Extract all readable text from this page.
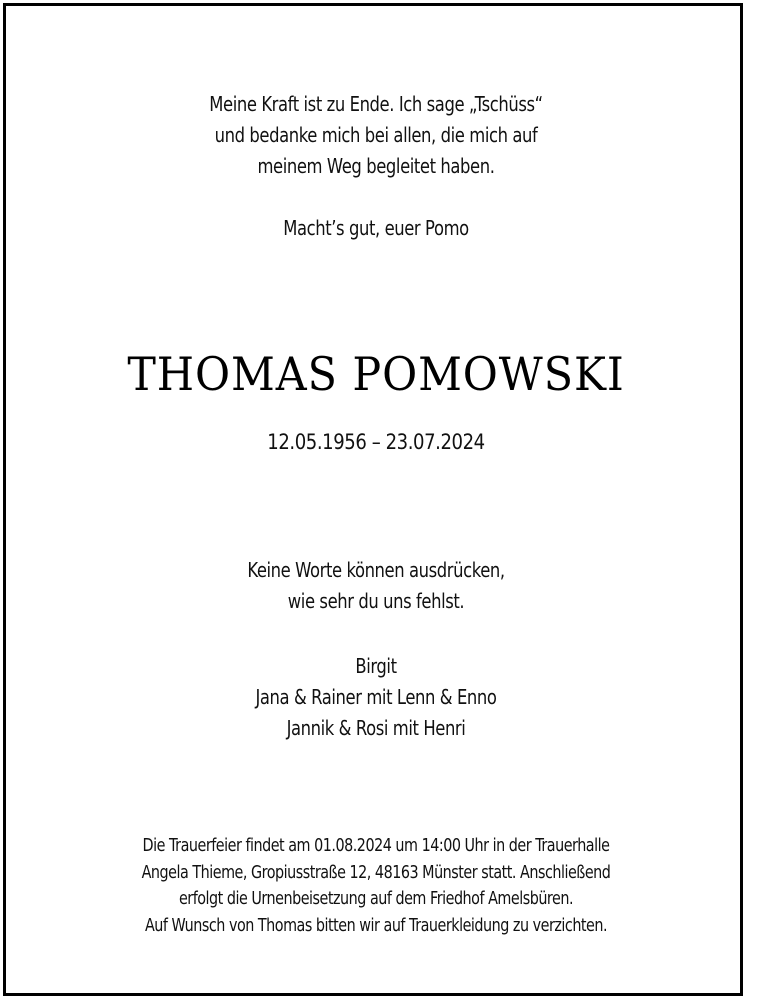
Meine Kraft ist zu Ende. Ich sage „Tschüss“
und bedanke mich bei allen, die mich auf
meinem Weg begleitet haben.
Macht’s gut, euer Pomo
THOMAS POMOWSKI
12.05.1956 – 23.07.2024
Keine Worte können ausdrücken,
wie sehr du uns fehlst.
Birgit
Jana & Rainer mit Lenn & Enno
Jannik & Rosi mit Henri
Die Trauerfeier findet am 01.08.2024 um 14:00 Uhr in der Trauerhalle
Angela Thieme, Gropiusstraße 12, 48163 Münster statt. Anschließend
erfolgt die Urnenbeisetzung auf dem Friedhof Amelsbüren.
Auf Wunsch von Thomas bitten wir auf Trauerkleidung zu verzichten.
